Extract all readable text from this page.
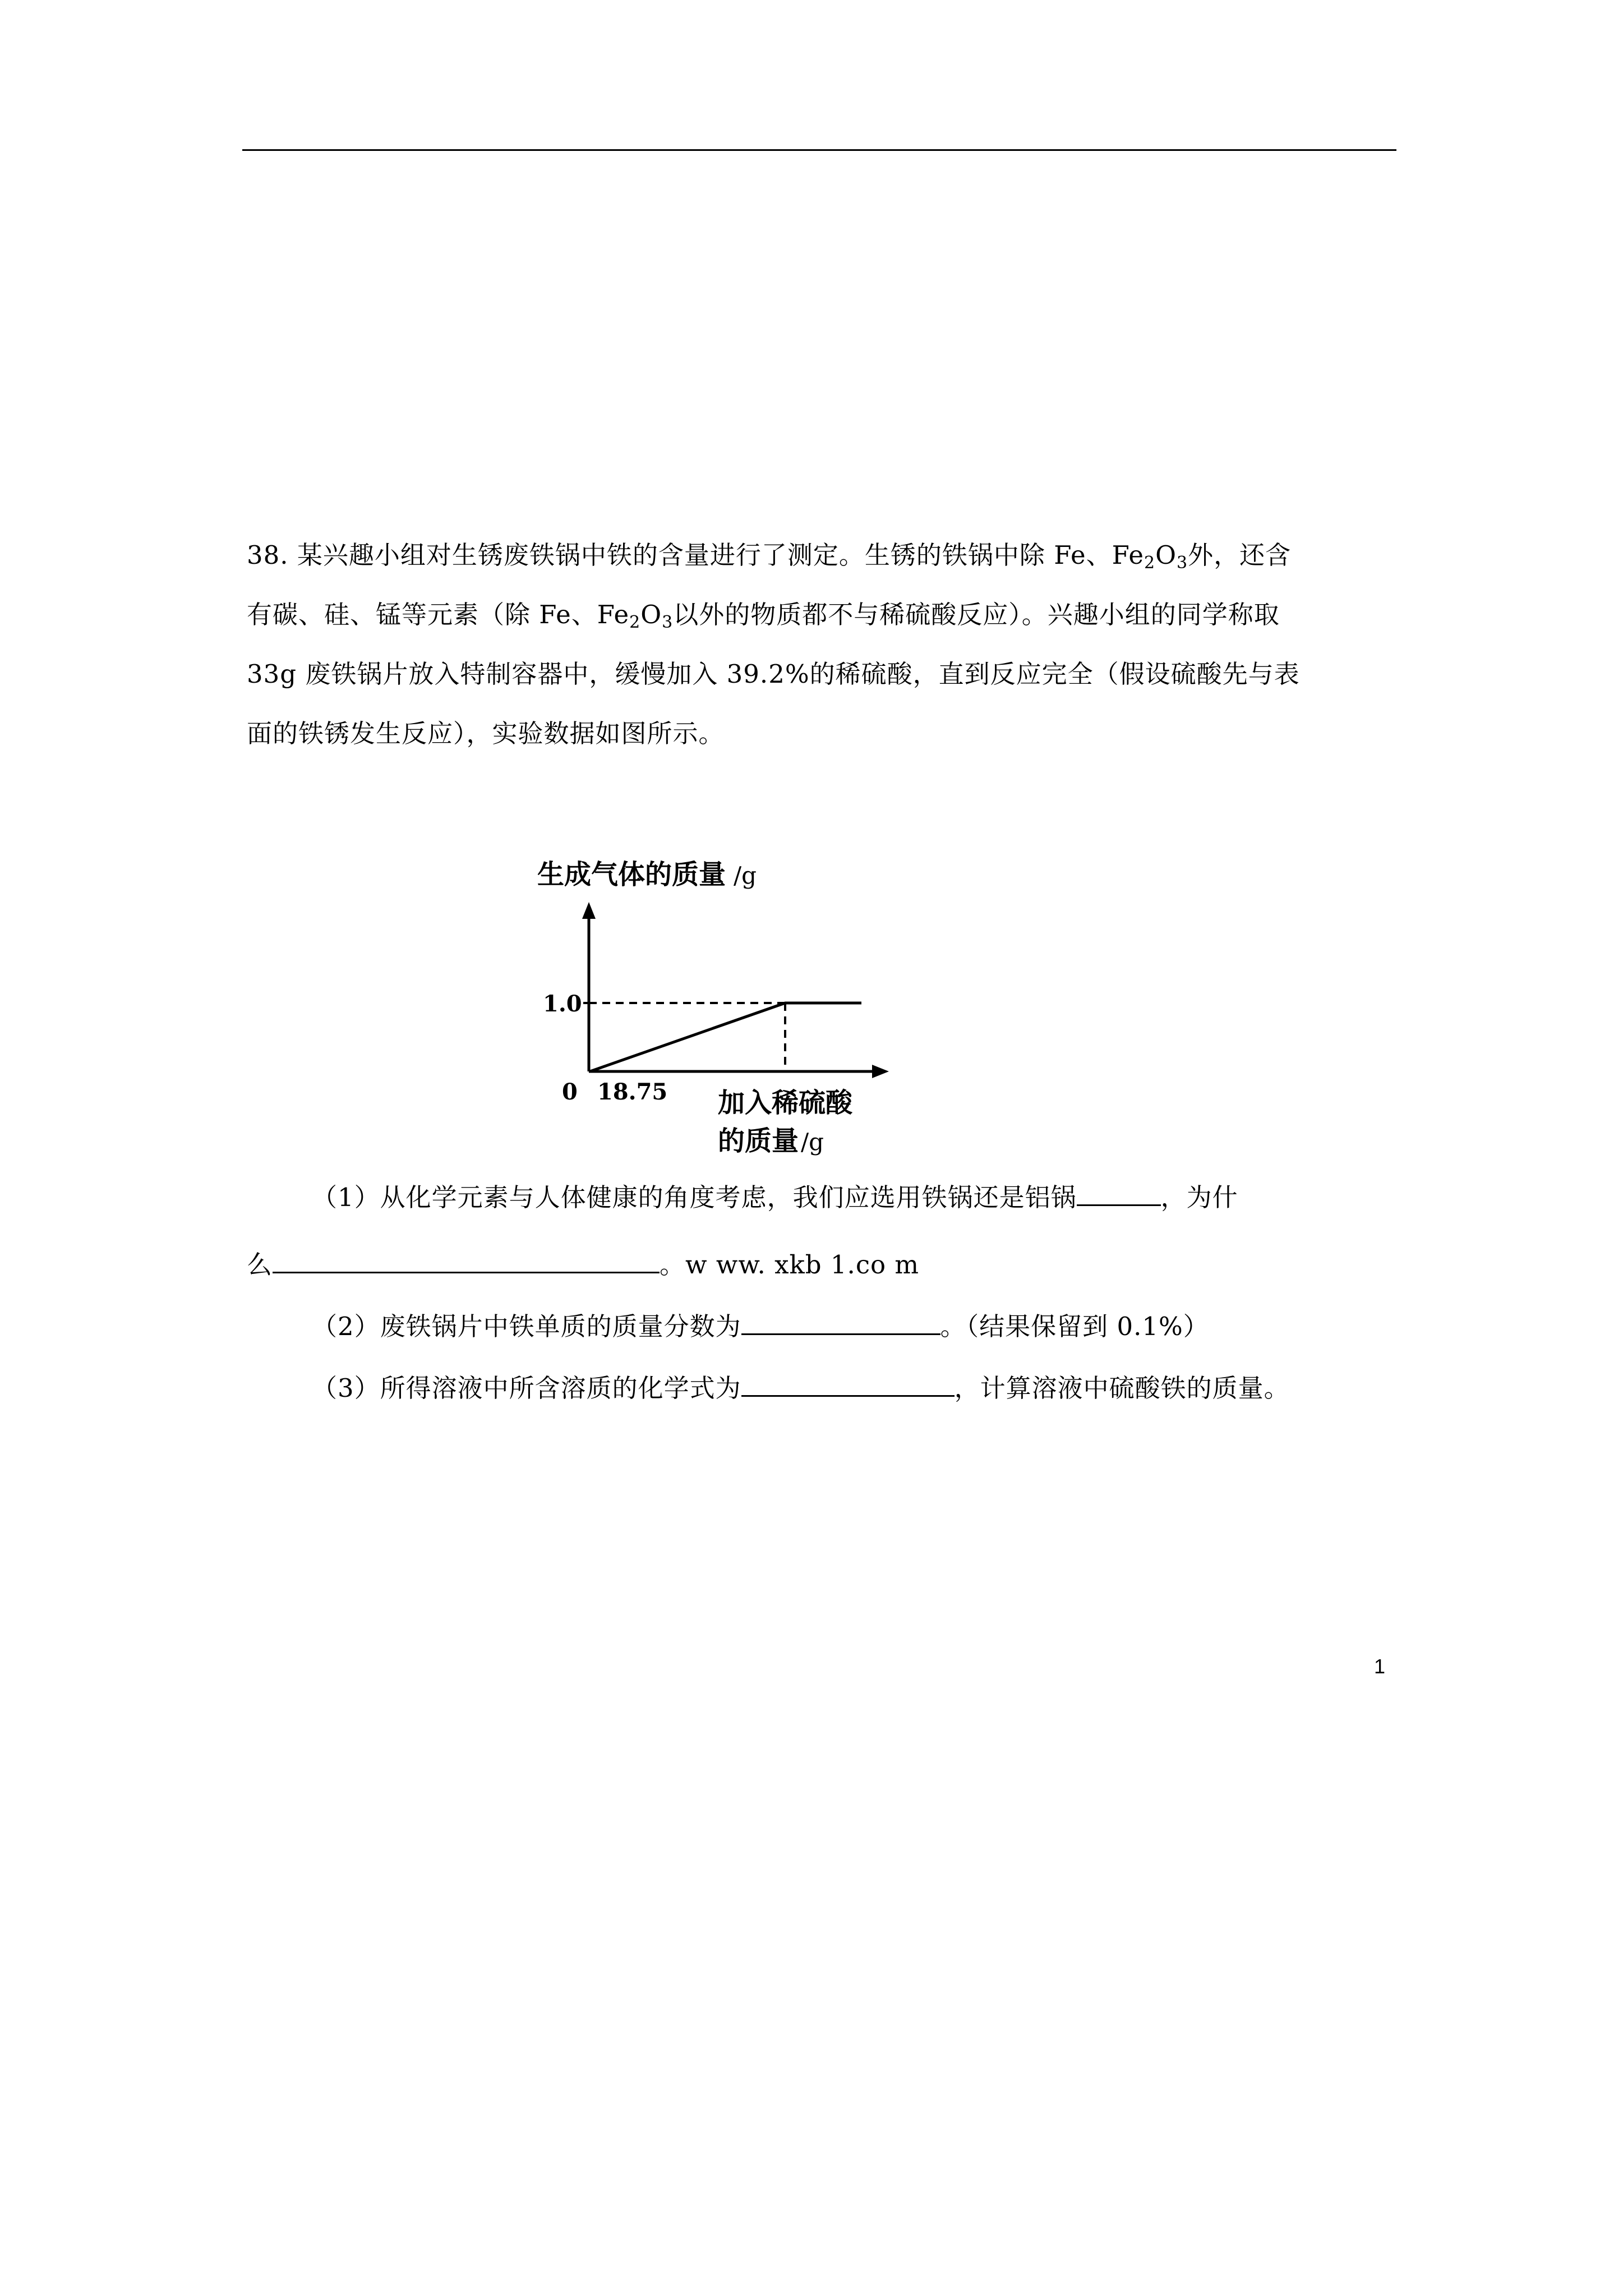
38. 某兴趣小组对生锈废铁锅中铁的含量进行了测定。生锈的铁锅中除 Fe、$Fe_2O_3$外，还含
有碳、硅、锰等元素（除 Fe、$Fe_2O_3$以外的物质都不与稀硫酸反应）。兴趣小组的同学称取
33g 废铁锅片放入特制容器中，缓慢加入 39.2%的稀硫酸，直到反应完全（假设硫酸先与表
面的铁锈发生反应），实验数据如图所示。
生成气体的质量 /g
1.0
0 18.75 加入稀硫酸
的质量 /g
（1）从化学元素与人体健康的角度考虑，我们应选用铁锅还是铝锅	，为什
么	。w ww. xkb 1.co m
（2）废铁锅片中铁单质的质量分数为	。（结果保留到 0.1%）
（3）所得溶液中所含溶质的化学式为	，计算溶液中硫酸铁的质量。
1
